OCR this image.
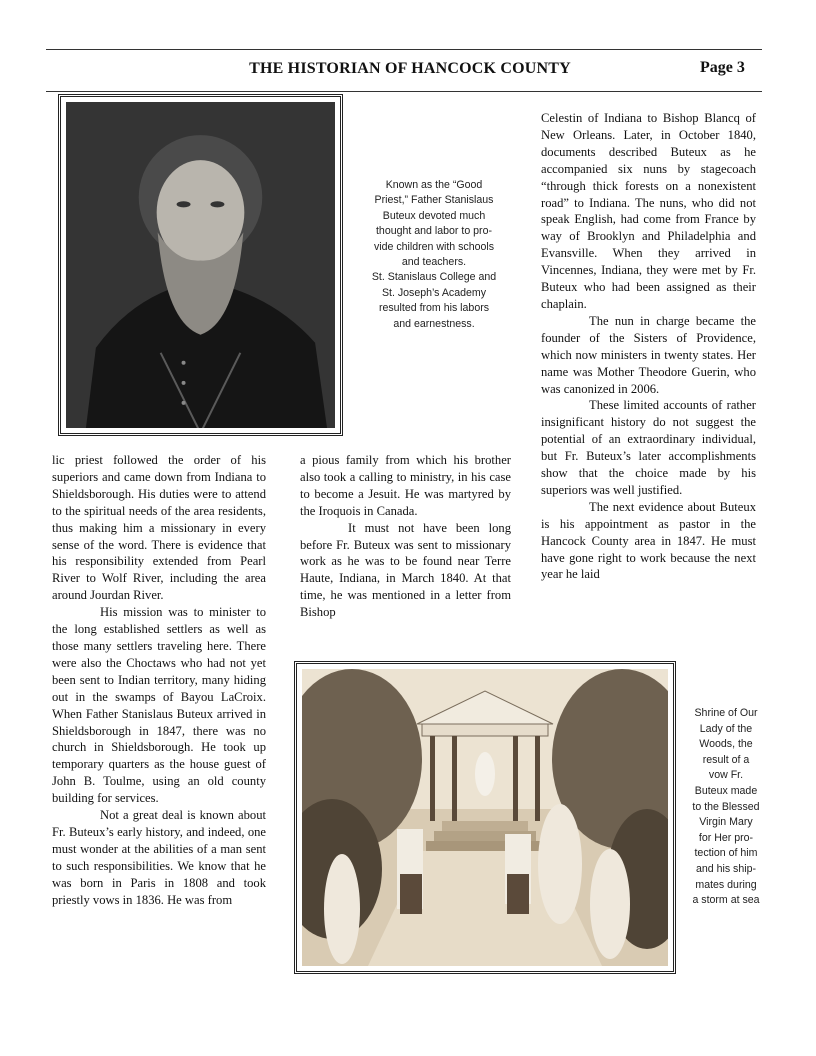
THE HISTORIAN OF HANCOCK COUNTY	Page 3
Known as the “Good
Priest,” Father Stanislaus
Buteux devoted much
thought and labor to pro-
vide children with schools
and teachers.
St. Stanislaus College and
St. Joseph’s Academy
resulted from his labors
and earnestness.

Celestin of Indiana to Bishop Blancq of New Orleans. Later, in October 1840, documents described Buteux as he accompanied six nuns by stagecoach “through thick forests on a nonexistent road” to Indiana. The nuns, who did not speak English, had come from France by way of Brooklyn and Philadelphia and Evansville. When they arrived in Vincennes, Indiana, they were met by Fr. Buteux who had been assigned as their chaplain.

The nun in charge became the founder of the Sisters of Providence, which now ministers in twenty states. Her name was Mother Theodore Guerin, who was canonized in 2006.

These limited accounts of rather insignificant history do not suggest the potential of an extraordinary individual, but Fr. Buteux’s later accomplishments show that the choice made by his superiors was well justified.

The next evidence about Buteux is his appointment as pastor in the Hancock County area in 1847. He must have gone right to work because the next year he laid

lic priest followed the order of his superiors and came down from Indiana to Shieldsborough. His duties were to attend to the spiritual needs of the area residents, thus making him a missionary in every sense of the word. There is evidence that his responsibility extended from Pearl River to Wolf River, including the area around Jourdan River.

His mission was to minister to the long established settlers as well as those many settlers traveling here. There were also the Choctaws who had not yet been sent to Indian territory, many hiding out in the swamps of Bayou LaCroix. When Father Stanislaus Buteux arrived in Shieldsborough in 1847, there was no church in Shieldsborough. He took up temporary quarters as the house guest of John B. Toulme, using an old county building for services.

Not a great deal is known about Fr. Buteux’s early history, and indeed, one must wonder at the abilities of a man sent to such responsibilities. We know that he was born in Paris in 1808 and took priestly vows in 1836. He was from

a pious family from which his brother also took a calling to ministry, in his case to become a Jesuit. He was martyred by the Iroquois in Canada.

It must not have been long before Fr. Buteux was sent to missionary work as he was to be found near Terre Haute, Indiana, in March 1840. At that time, he was mentioned in a letter from Bishop

Shrine of Our
Lady of the
Woods, the
result of a
vow Fr.
Buteux made
to the Blessed
Virgin Mary
for Her pro-
tection of him
and his ship-
mates during
a storm at sea
